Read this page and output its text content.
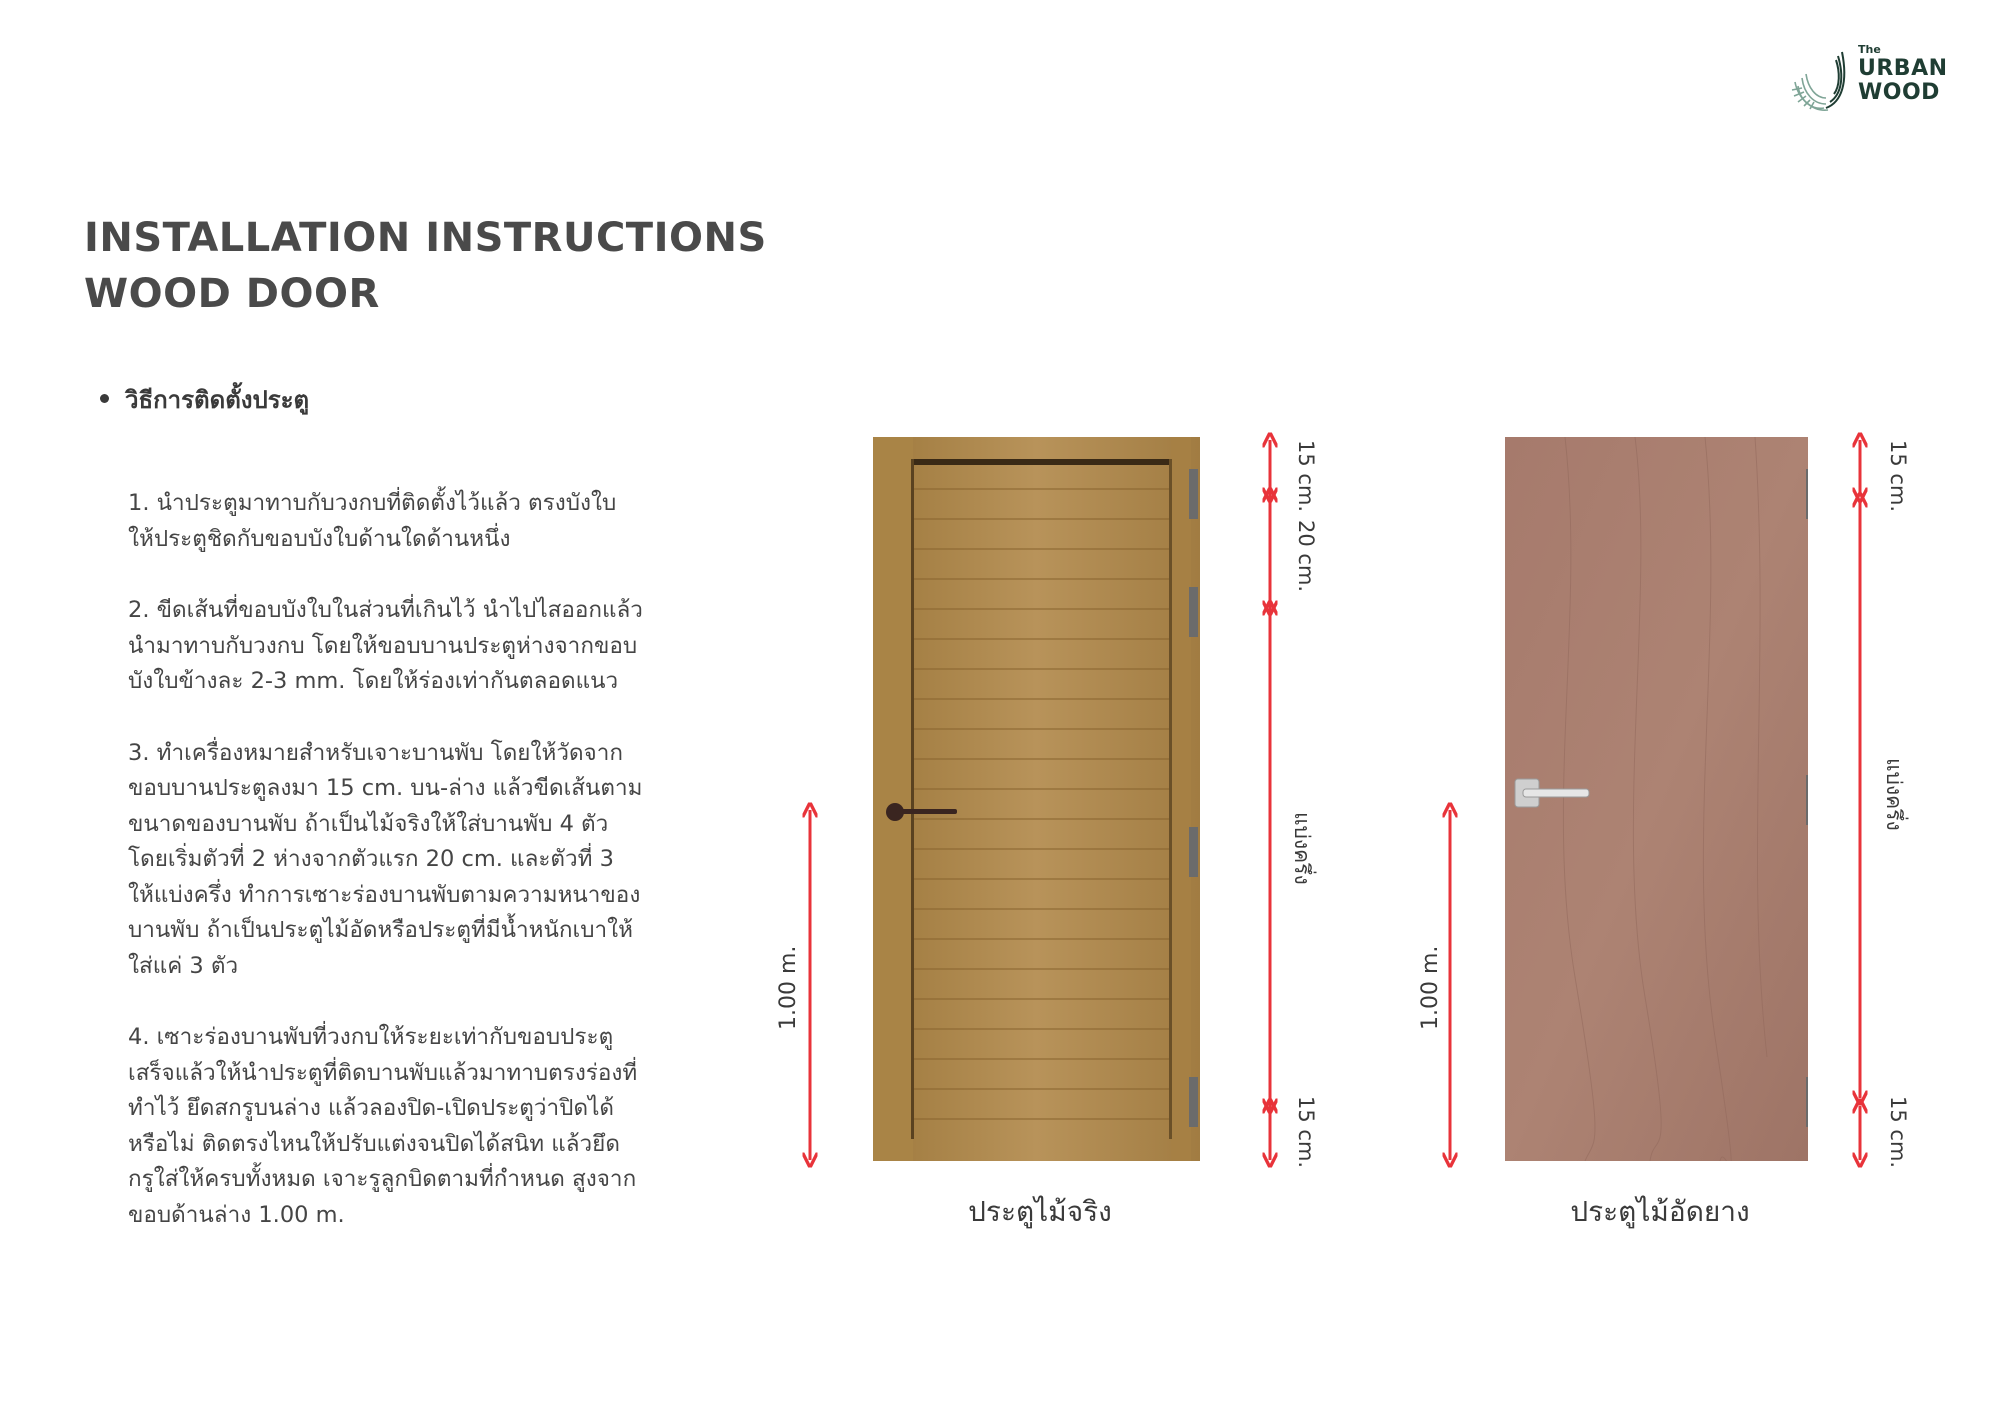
The
URBAN
WOOD
INSTALLATION INSTRUCTIONS
WOOD DOOR
วิธีการติดตั้งประตู
1. นำประตูมาทาบกับวงกบที่ติดตั้งไว้แล้ว ตรงบังใบ
ให้ประตูชิดกับขอบบังใบด้านใดด้านหนึ่ง
2. ขีดเส้นที่ขอบบังใบในส่วนที่เกินไว้ นำไปไสออกแล้ว
นำมาทาบกับวงกบ โดยให้ขอบบานประตูห่างจากขอบ
บังใบข้างละ 2-3 mm. โดยให้ร่องเท่ากันตลอดแนว
3. ทำเครื่องหมายสำหรับเจาะบานพับ โดยให้วัดจาก
ขอบบานประตูลงมา 15 cm. บน-ล่าง แล้วขีดเส้นตาม
ขนาดของบานพับ ถ้าเป็นไม้จริงให้ใส่บานพับ 4 ตัว
โดยเริ่มตัวที่ 2 ห่างจากตัวแรก 20 cm. และตัวที่ 3
ให้แบ่งครึ่ง ทำการเซาะร่องบานพับตามความหนาของ
บานพับ ถ้าเป็นประตูไม้อัดหรือประตูที่มีน้ำหนักเบาให้
ใส่แค่ 3 ตัว
4. เซาะร่องบานพับที่วงกบให้ระยะเท่ากับขอบประตู
เสร็จแล้วให้นำประตูที่ติดบานพับแล้วมาทาบตรงร่องที่
ทำไว้ ยึดสกรูบนล่าง แล้วลองปิด-เปิดประตูว่าปิดได้
หรือไม่ ติดตรงไหนให้ปรับแต่งจนปิดได้สนิท แล้วยึด
กรูใส่ให้ครบทั้งหมด เจาะรูลูกบิดตามที่กำหนด สูงจาก
ขอบด้านล่าง 1.00 m.	ประตูไม้จริง	ประตูไม้อัดยาง
1.00 m.
15 cm.
20 cm.
แบ่งครึ่ง
15 cm.
1.00 m.
15 cm.
แบ่งครึ่ง
15 cm.
